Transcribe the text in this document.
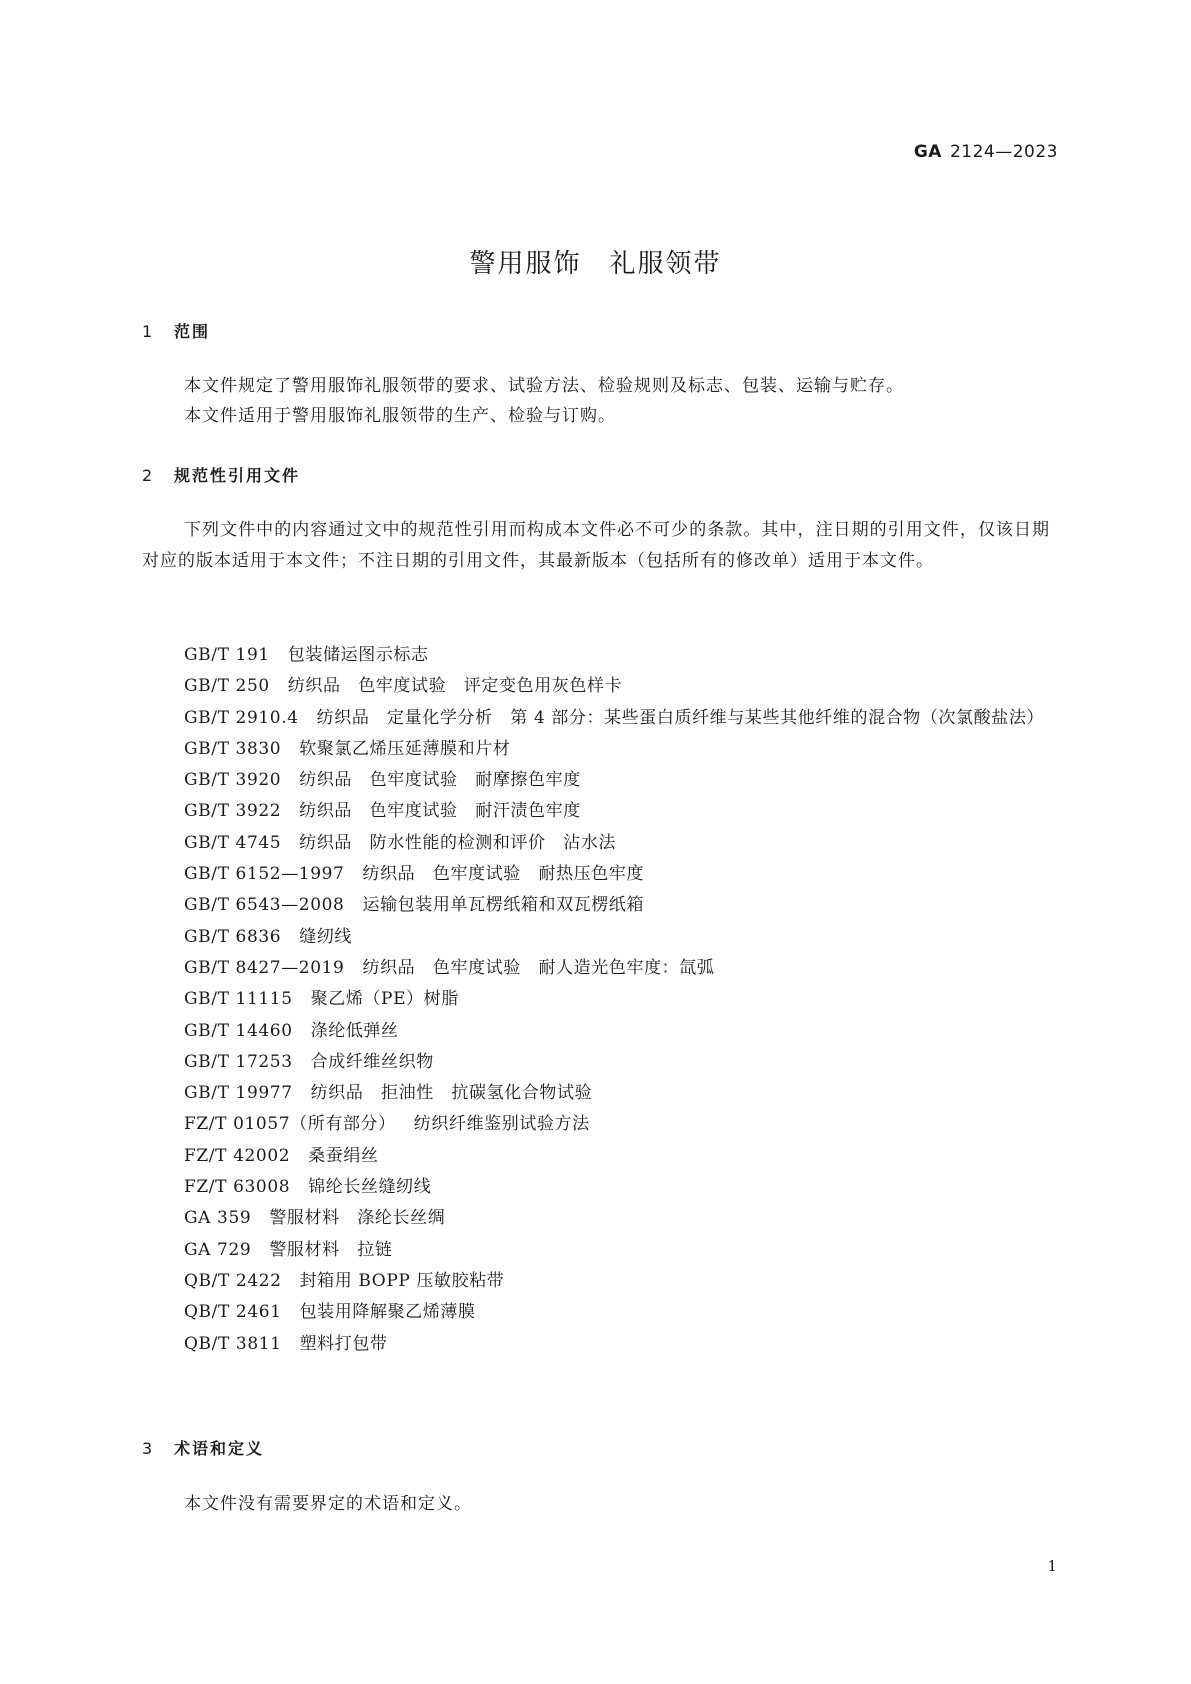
GA 2124—2023
警用服饰　礼服领带
1 范围
本文件规定了警用服饰礼服领带的要求、试验方法、检验规则及标志、包装、运输与贮存。
本文件适用于警用服饰礼服领带的生产、检验与订购。
2 规范性引用文件
下列文件中的内容通过文中的规范性引用而构成本文件必不可少的条款。其中，注日期的引用文件，仅该日期对应的版本适用于本文件；不注日期的引用文件，其最新版本（包括所有的修改单）适用于本文件。
GB/T 191 包装储运图示标志
GB/T 250 纺织品　色牢度试验　评定变色用灰色样卡
GB/T 2910.4 纺织品　定量化学分析　第 4 部分：某些蛋白质纤维与某些其他纤维的混合物（次氯酸盐法）
GB/T 3830 软聚氯乙烯压延薄膜和片材
GB/T 3920 纺织品　色牢度试验　耐摩擦色牢度
GB/T 3922 纺织品　色牢度试验　耐汗渍色牢度
GB/T 4745 纺织品　防水性能的检测和评价　沾水法
GB/T 6152—1997 纺织品　色牢度试验　耐热压色牢度
GB/T 6543—2008 运输包装用单瓦楞纸箱和双瓦楞纸箱
GB/T 6836 缝纫线
GB/T 8427—2019 纺织品　色牢度试验　耐人造光色牢度：氙弧
GB/T 11115 聚乙烯（PE）树脂
GB/T 14460 涤纶低弹丝
GB/T 17253 合成纤维丝织物
GB/T 19977 纺织品　拒油性　抗碳氢化合物试验
FZ/T 01057（所有部分） 纺织纤维鉴别试验方法
FZ/T 42002 桑蚕绢丝
FZ/T 63008 锦纶长丝缝纫线
GA 359 警服材料　涤纶长丝绸
GA 729 警服材料　拉链
QB/T 2422 封箱用 BOPP 压敏胶粘带
QB/T 2461 包装用降解聚乙烯薄膜
QB/T 3811 塑料打包带
3 术语和定义
本文件没有需要界定的术语和定义。
1
